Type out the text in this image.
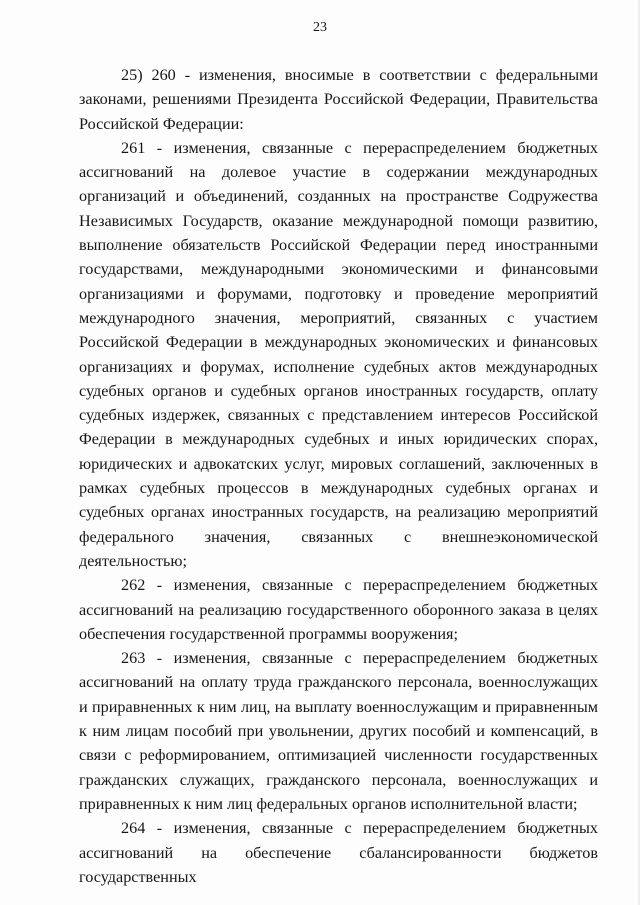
23

25) 260 - изменения, вносимые в соответствии с федеральными законами, решениями Президента Российской Федерации, Правительства Российской Федерации:

261 - изменения, связанные с перераспределением бюджетных ассигнований на долевое участие в содержании международных организаций и объединений, созданных на пространстве Содружества Независимых Государств, оказание международной помощи развитию, выполнение обязательств Российской Федерации перед иностранными государствами, международными экономическими и финансовыми организациями и форумами, подготовку и проведение мероприятий международного значения, мероприятий, связанных с участием Российской Федерации в международных экономических и финансовых организациях и форумах, исполнение судебных актов международных судебных органов и судебных органов иностранных государств, оплату судебных издержек, связанных с представлением интересов Российской Федерации в международных судебных и иных юридических спорах, юридических и адвокатских услуг, мировых соглашений, заключенных в рамках судебных процессов в международных судебных органах и судебных органах иностранных государств, на реализацию мероприятий федерального значения, связанных с внешнеэкономической деятельностью;

262 - изменения, связанные с перераспределением бюджетных ассигнований на реализацию государственного оборонного заказа в целях обеспечения государственной программы вооружения;

263 - изменения, связанные с перераспределением бюджетных ассигнований на оплату труда гражданского персонала, военнослужащих и приравненных к ним лиц, на выплату военнослужащим и приравненным к ним лицам пособий при увольнении, других пособий и компенсаций, в связи с реформированием, оптимизацией численности государственных гражданских служащих, гражданского персонала, военнослужащих и приравненных к ним лиц федеральных органов исполнительной власти;

264 - изменения, связанные с перераспределением бюджетных ассигнований на обеспечение сбалансированности бюджетов государственных
